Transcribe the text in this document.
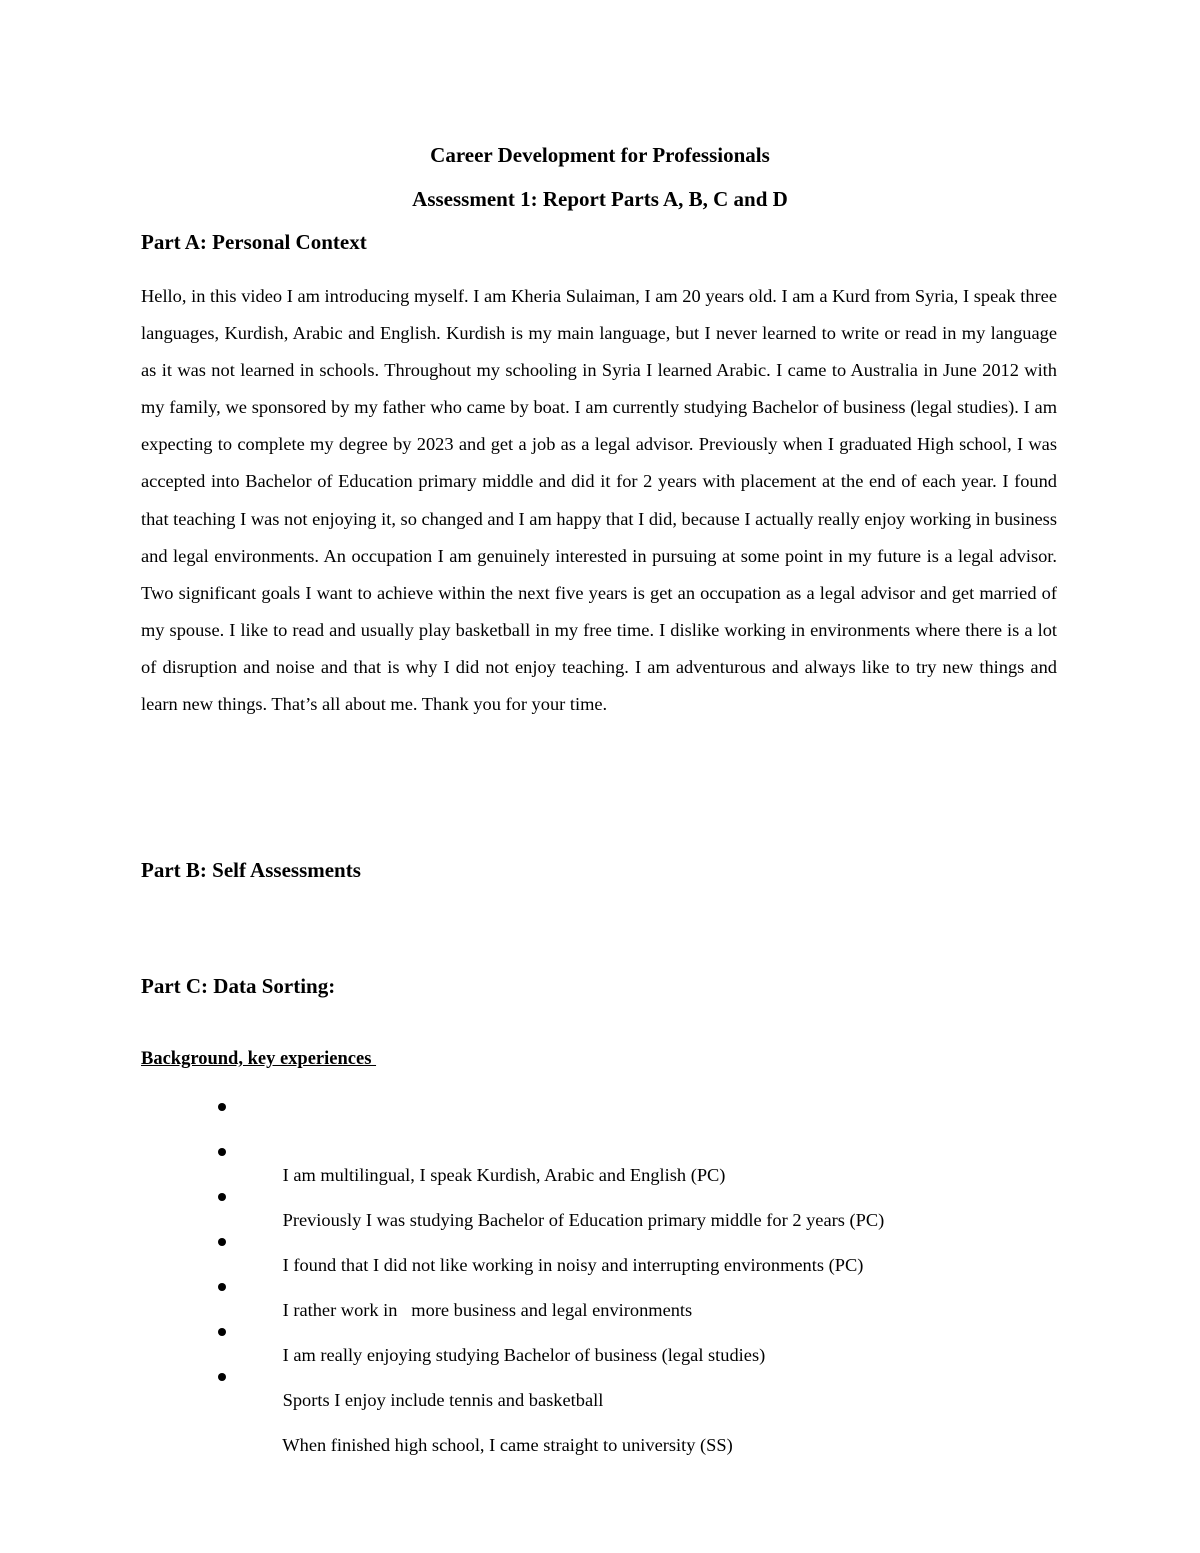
Career Development for Professionals
Assessment 1: Report Parts A, B, C and D
Part A: Personal Context

Hello, in this video I am introducing myself. I am Kheria Sulaiman, I am 20 years old. I am a Kurd from Syria, I speak three languages, Kurdish, Arabic and English. Kurdish is my main language, but I never learned to write or read in my language as it was not learned in schools. Throughout my schooling in Syria I learned Arabic. I came to Australia in June 2012 with my family, we sponsored by my father who came by boat. I am currently studying Bachelor of business (legal studies). I am expecting to complete my degree by 2023 and get a job as a legal advisor. Previously when I graduated High school, I was accepted into Bachelor of Education primary middle and did it for 2 years with placement at the end of each year. I found that teaching I was not enjoying it, so changed and I am happy that I did, because I actually really enjoy working in business and legal environments. An occupation I am genuinely interested in pursuing at some point in my future is a legal advisor. Two significant goals I want to achieve within the next five years is get an occupation as a legal advisor and get married of my spouse. I like to read and usually play basketball in my free time. I dislike working in environments where there is a lot of disruption and noise and that is why I did not enjoy teaching. I am adventurous and always like to try new things and learn new things. That’s all about me. Thank you for your time.

Part B: Self Assessments
Part C: Data Sorting:

Background, key experiences

I am multilingual, I speak Kurdish, Arabic and English (PC)

Previously I was studying Bachelor of Education primary middle for 2 years (PC)

I found that I did not like working in noisy and interrupting environments (PC)

I rather work in   more business and legal environments

I am really enjoying studying Bachelor of business (legal studies)

Sports I enjoy include tennis and basketball

When finished high school, I came straight to university (SS)
